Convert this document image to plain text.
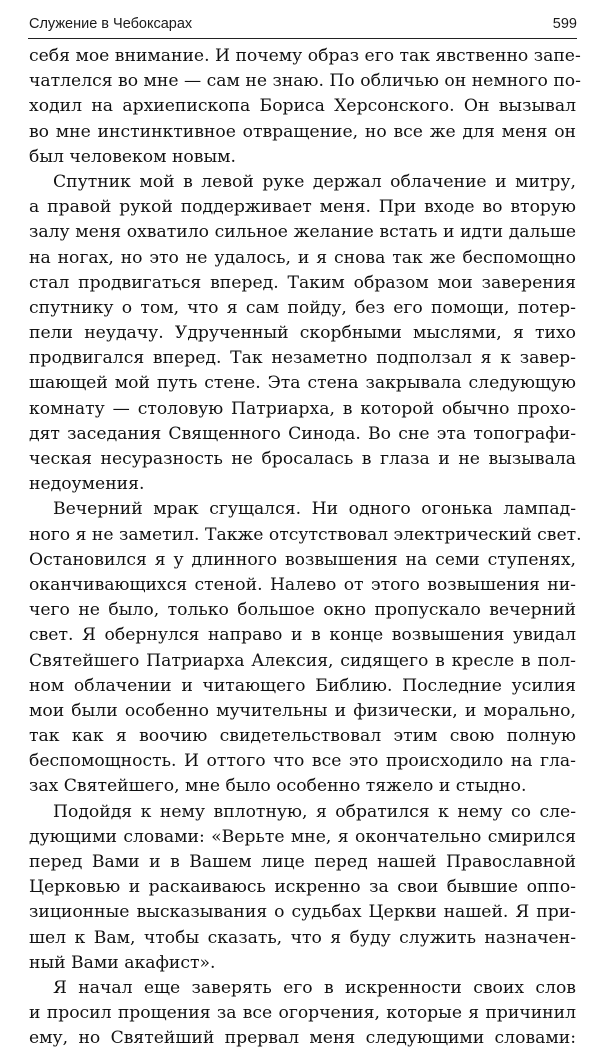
Служение в Чебоксарах	599
себя мое внимание. И почему образ его так явственно запе-
чатлелся во мне — сам не знаю. По обличью он немного по-
ходил на архиепископа Бориса Херсонского. Он вызывал
во мне инстинктивное отвращение, но все же для меня он
был человеком новым.
Спутник мой в левой руке держал облачение и митру,
а правой рукой поддерживает меня. При входе во вторую
залу меня охватило сильное желание встать и идти дальше
на ногах, но это не удалось, и я снова так же беспомощно
стал продвигаться вперед. Таким образом мои заверения
спутнику о том, что я сам пойду, без его помощи, потер-
пели неудачу. Удрученный скорбными мыслями, я тихо
продвигался вперед. Так незаметно подползал я к завер-
шающей мой путь стене. Эта стена закрывала следующую
комнату — столовую Патриарха, в которой обычно прохо-
дят заседания Священного Синода. Во сне эта топографи-
ческая несуразность не бросалась в глаза и не вызывала
недоумения.
Вечерний мрак сгущался. Ни одного огонька лампад-
ного я не заметил. Также отсутствовал электрический свет.
Остановился я у длинного возвышения на семи ступенях,
оканчивающихся стеной. Налево от этого возвышения ни-
чего не было, только большое окно пропускало вечерний
свет. Я обернулся направо и в конце возвышения увидал
Святейшего Патриарха Алексия, сидящего в кресле в пол-
ном облачении и читающего Библию. Последние усилия
мои были особенно мучительны и физически, и морально,
так как я воочию свидетельствовал этим свою полную
беспомощность. И оттого что все это происходило на гла-
зах Святейшего, мне было особенно тяжело и стыдно.
Подойдя к нему вплотную, я обратился к нему со сле-
дующими словами: «Верьте мне, я окончательно смирился
перед Вами и в Вашем лице перед нашей Православной
Церковью и раскаиваюсь искренно за свои бывшие оппо-
зиционные высказывания о судьбах Церкви нашей. Я при-
шел к Вам, чтобы сказать, что я буду служить назначен-
ный Вами акафист».
Я начал еще заверять его в искренности своих слов
и просил прощения за все огорчения, которые я причинил
ему, но Святейший прервал меня следующими словами:
